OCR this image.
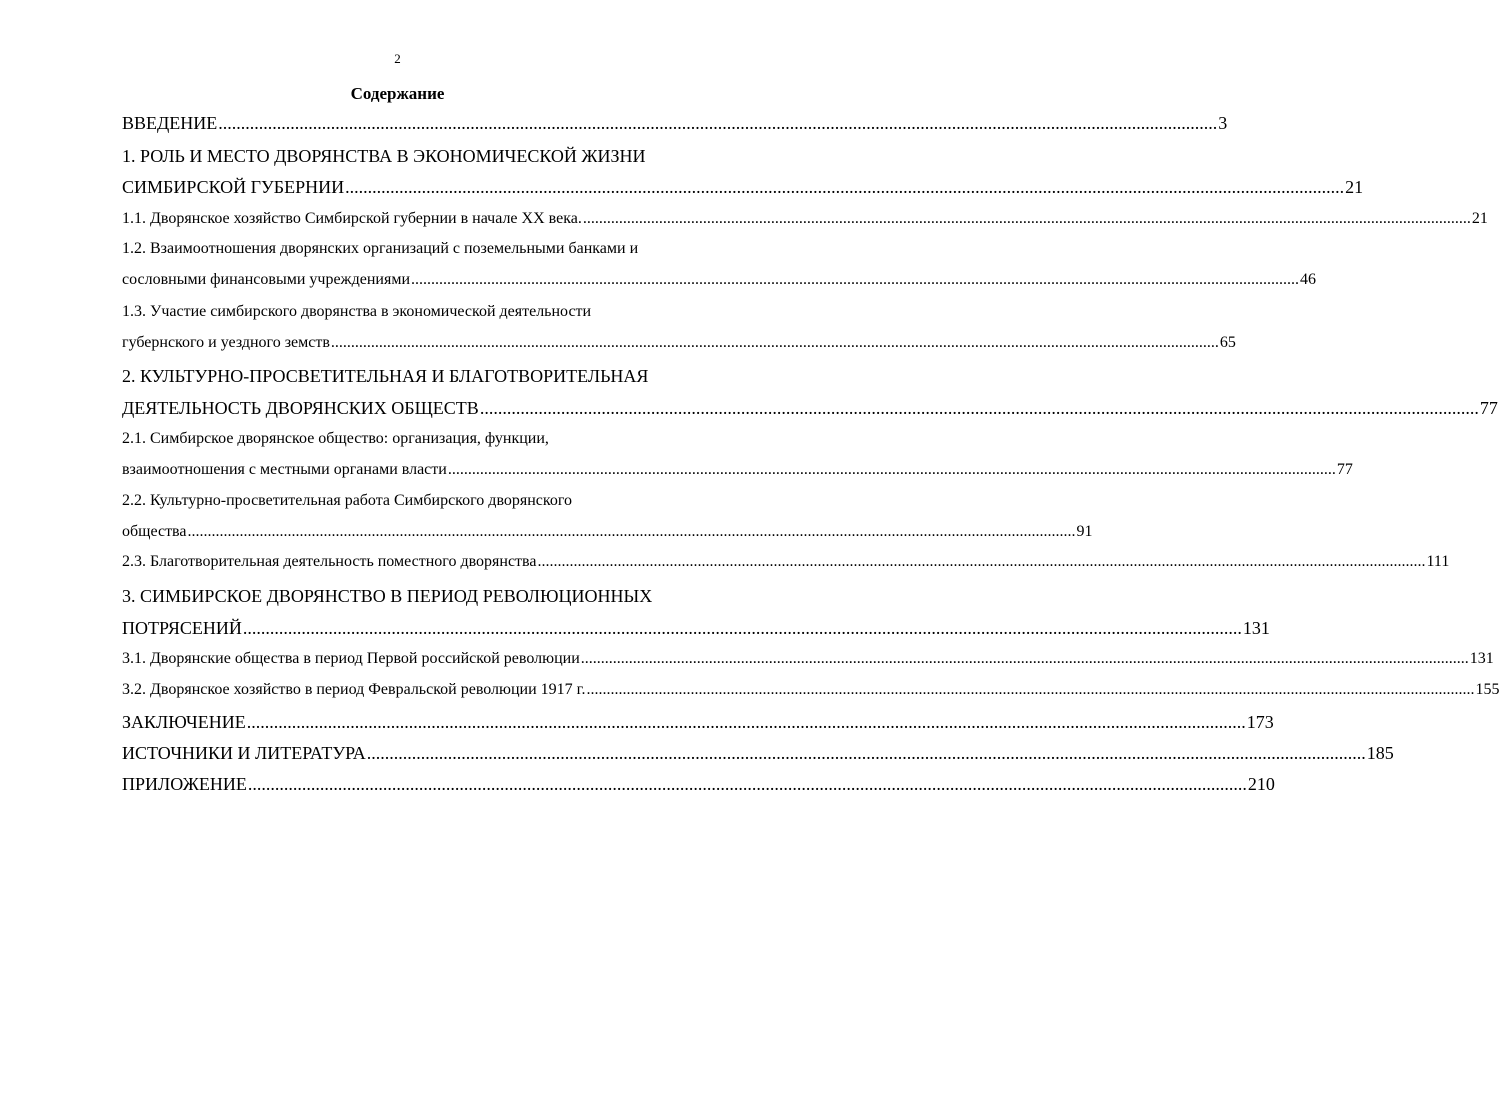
2
Содержание
ВВЕДЕНИЕ .............................................................................................................................................................................................................................. 3
1. РОЛЬ И МЕСТО ДВОРЯНСТВА В ЭКОНОМИЧЕСКОЙ ЖИЗНИ
СИМБИРСКОЙ ГУБЕРНИИ .............................................................................................................................................................................................................................. 21
1.1. Дворянское хозяйство Симбирской губернии в начале XX века. .............................................................................................................................................................................................................................. 21
1.2. Взаимоотношения дворянских организаций с поземельными банками и
сословными финансовыми учреждениями .............................................................................................................................................................................................................................. 46
1.3. Участие симбирского дворянства в экономической деятельности
губернского и уездного земств .............................................................................................................................................................................................................................. 65
2. КУЛЬТУРНО-ПРОСВЕТИТЕЛЬНАЯ И БЛАГОТВОРИТЕЛЬНАЯ
ДЕЯТЕЛЬНОСТЬ ДВОРЯНСКИХ ОБЩЕСТВ .............................................................................................................................................................................................................................. 77
2.1. Симбирское дворянское общество: организация, функции,
взаимоотношения с местными органами власти .............................................................................................................................................................................................................................. 77
2.2. Культурно-просветительная работа Симбирского дворянского
общества .............................................................................................................................................................................................................................. 91
2.3. Благотворительная деятельность поместного дворянства .............................................................................................................................................................................................................................. 111
3. СИМБИРСКОЕ ДВОРЯНСТВО В ПЕРИОД РЕВОЛЮЦИОННЫХ
ПОТРЯСЕНИЙ .............................................................................................................................................................................................................................. 131
3.1. Дворянские общества в период Первой российской революции .............................................................................................................................................................................................................................. 131
3.2. Дворянское хозяйство в период Февральской революции 1917 г. .............................................................................................................................................................................................................................. 155
ЗАКЛЮЧЕНИЕ .............................................................................................................................................................................................................................. 173
ИСТОЧНИКИ И ЛИТЕРАТУРА .............................................................................................................................................................................................................................. 185
ПРИЛОЖЕНИЕ .............................................................................................................................................................................................................................. 210
